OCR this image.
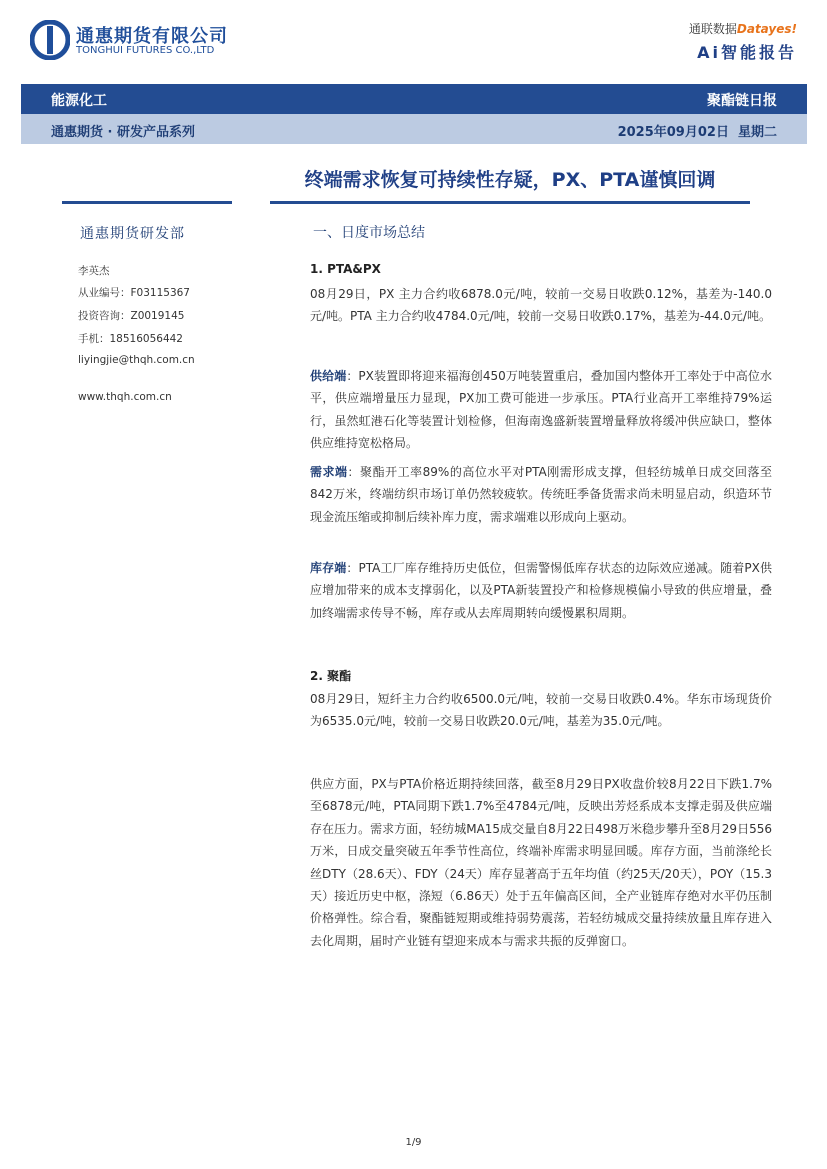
通惠期货有限公司
TONGHUI FUTURES CO.,LTD
通联数据Datayes!
Ai智能报告
能源化工	聚酯链日报
通惠期货 · 研发产品系列	2025年09月02日  星期二
终端需求恢复可持续性存疑，PX、PTA谨慎回调
通惠期货研发部
李英杰
从业编号：F03115367
投资咨询：Z0019145
手机：18516056442
liyingjie@thqh.com.cn
www.thqh.com.cn
一、日度市场总结
1. PTA&PX
08月29日，PX 主力合约收6878.0元/吨，较前一交易日收跌0.12%，基差为-140.0元/吨。PTA 主力合约收4784.0元/吨，较前一交易日收跌0.17%，基差为-44.0元/吨。
供给端：PX装置即将迎来福海创450万吨装置重启，叠加国内整体开工率处于中高位水平，供应端增量压力显现，PX加工费可能进一步承压。PTA行业高开工率维持79%运行，虽然虹港石化等装置计划检修，但海南逸盛新装置增量释放将缓冲供应缺口，整体供应维持宽松格局。
需求端：聚酯开工率89%的高位水平对PTA刚需形成支撑，但轻纺城单日成交回落至842万米，终端纺织市场订单仍然较疲软。传统旺季备货需求尚未明显启动，织造环节现金流压缩或抑制后续补库力度，需求端难以形成向上驱动。
库存端：PTA工厂库存维持历史低位，但需警惕低库存状态的边际效应递减。随着PX供应增加带来的成本支撑弱化，以及PTA新装置投产和检修规模偏小导致的供应增量，叠加终端需求传导不畅，库存或从去库周期转向缓慢累积周期。
2. 聚酯
08月29日，短纤主力合约收6500.0元/吨，较前一交易日收跌0.4%。华东市场现货价为6535.0元/吨，较前一交易日收跌20.0元/吨，基差为35.0元/吨。
供应方面，PX与PTA价格近期持续回落，截至8月29日PX收盘价较8月22日下跌1.7%至6878元/吨，PTA同期下跌1.7%至4784元/吨，反映出芳烃系成本支撑走弱及供应端存在压力。需求方面，轻纺城MA15成交量自8月22日498万米稳步攀升至8月29日556万米，日成交量突破五年季节性高位，终端补库需求明显回暖。库存方面，当前涤纶长丝DTY（28.6天）、FDY（24天）库存显著高于五年均值（约25天/20天），POY（15.3天）接近历史中枢，涤短（6.86天）处于五年偏高区间，全产业链库存绝对水平仍压制价格弹性。综合看，聚酯链短期或维持弱势震荡，若轻纺城成交量持续放量且库存进入去化周期，届时产业链有望迎来成本与需求共振的反弹窗口。
1/9
